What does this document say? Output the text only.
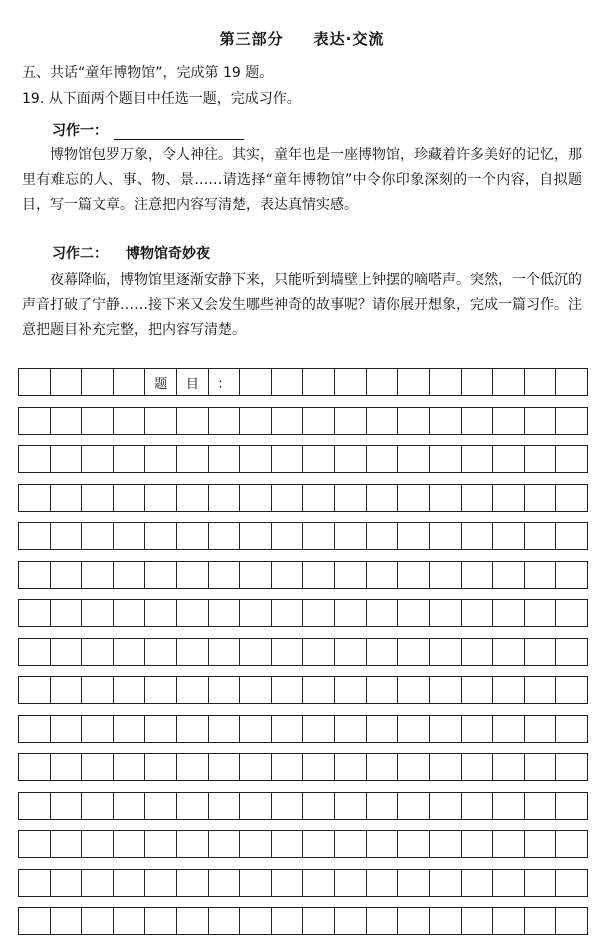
第三部分 表达·交流
五、共话“童年博物馆”，完成第 19 题。
19. 从下面两个题目中任选一题，完成习作。
习作一：

博物馆包罗万象，令人神往。其实，童年也是一座博物馆，珍藏着许多美好的记忆，那里有难忘的人、事、物、景……请选择“童年博物馆”中令你印象深刻的一个内容，自拟题目，写一篇文章。注意把内容写清楚，表达真情实感。

习作二： 博物馆奇妙夜

夜幕降临，博物馆里逐渐安静下来，只能听到墙壁上钟摆的嘀嗒声。突然，一个低沉的声音打破了宁静……接下来又会发生哪些神奇的故事呢？请你展开想象，完成一篇习作。注意把题目补充完整，把内容写清楚。

题	目	：
